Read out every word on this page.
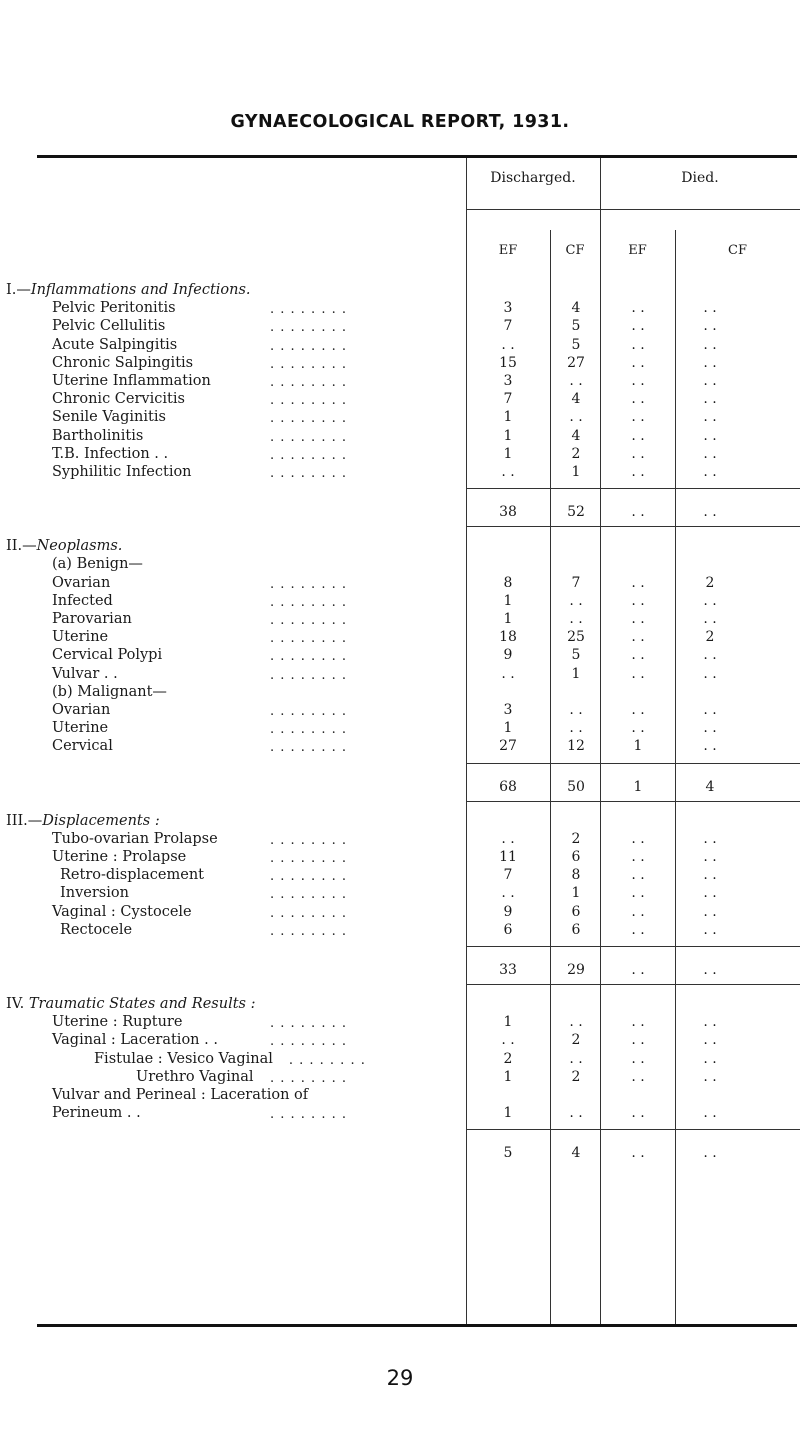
GYNAECOLOGICAL REPORT, 1931.
Discharged.	Died.
EF	CF	EF	CF
I.—Inflammations and Infections.
Pelvic Peritonitis	. . . . . . . .	3	4	. .	. .
Pelvic Cellulitis	. . . . . . . .	7	5	. .	. .
Acute Salpingitis	. . . . . . . .	. .	5	. .	. .
Chronic Salpingitis	. . . . . . . .	15	27	. .	. .
Uterine Inflammation	. . . . . . . .	3	. .	. .	. .
Chronic Cervicitis	. . . . . . . .	7	4	. .	. .
Senile Vaginitis	. . . . . . . .	1	. .	. .	. .
Bartholinitis	. . . . . . . .	1	4	. .	. .
T.B. Infection . .	. . . . . . . .	1	2	. .	. .
Syphilitic Infection	. . . . . . . .	. .	1	. .	. .
38	52	. .	. .
II.—Neoplasms.
(a) Benign—
Ovarian	. . . . . . . .	8	7	. .	2
Infected	. . . . . . . .	1	. .	. .	. .
Parovarian	. . . . . . . .	1	. .	. .	. .
Uterine	. . . . . . . .	18	25	. .	2
Cervical Polypi	. . . . . . . .	9	5	. .	. .
Vulvar . .	. . . . . . . .	. .	1	. .	. .
(b) Malignant—
Ovarian	. . . . . . . .	3	. .	. .	. .
Uterine	. . . . . . . .	1	. .	. .	. .
Cervical	. . . . . . . .	27	12	1	. .
68	50	1	4
III.—Displacements :
Tubo-ovarian Prolapse	. . . . . . . .	. .	2	. .	. .
Uterine : Prolapse	. . . . . . . .	11	6	. .	. .
Retro-displacement	. . . . . . . .	7	8	. .	. .
Inversion	. . . . . . . .	. .	1	. .	. .
Vaginal : Cystocele	. . . . . . . .	9	6	. .	. .
Rectocele	. . . . . . . .	6	6	. .	. .
33	29	. .	. .
IV. Traumatic States and Results :
Uterine : Rupture	. . . . . . . .	1	. .	. .	. .
Vaginal : Laceration . .	. . . . . . . .	. .	2	. .	. .
Fistulae : Vesico Vaginal . . . . . . . .	2	. .	. .	. .
Urethro Vaginal . . . . . . . .	1	2	. .	. .
Vulvar and Perineal : Laceration of
Perineum . .	. . . . . . . .	1	. .	. .	. .
5	4	. .	. .
29
